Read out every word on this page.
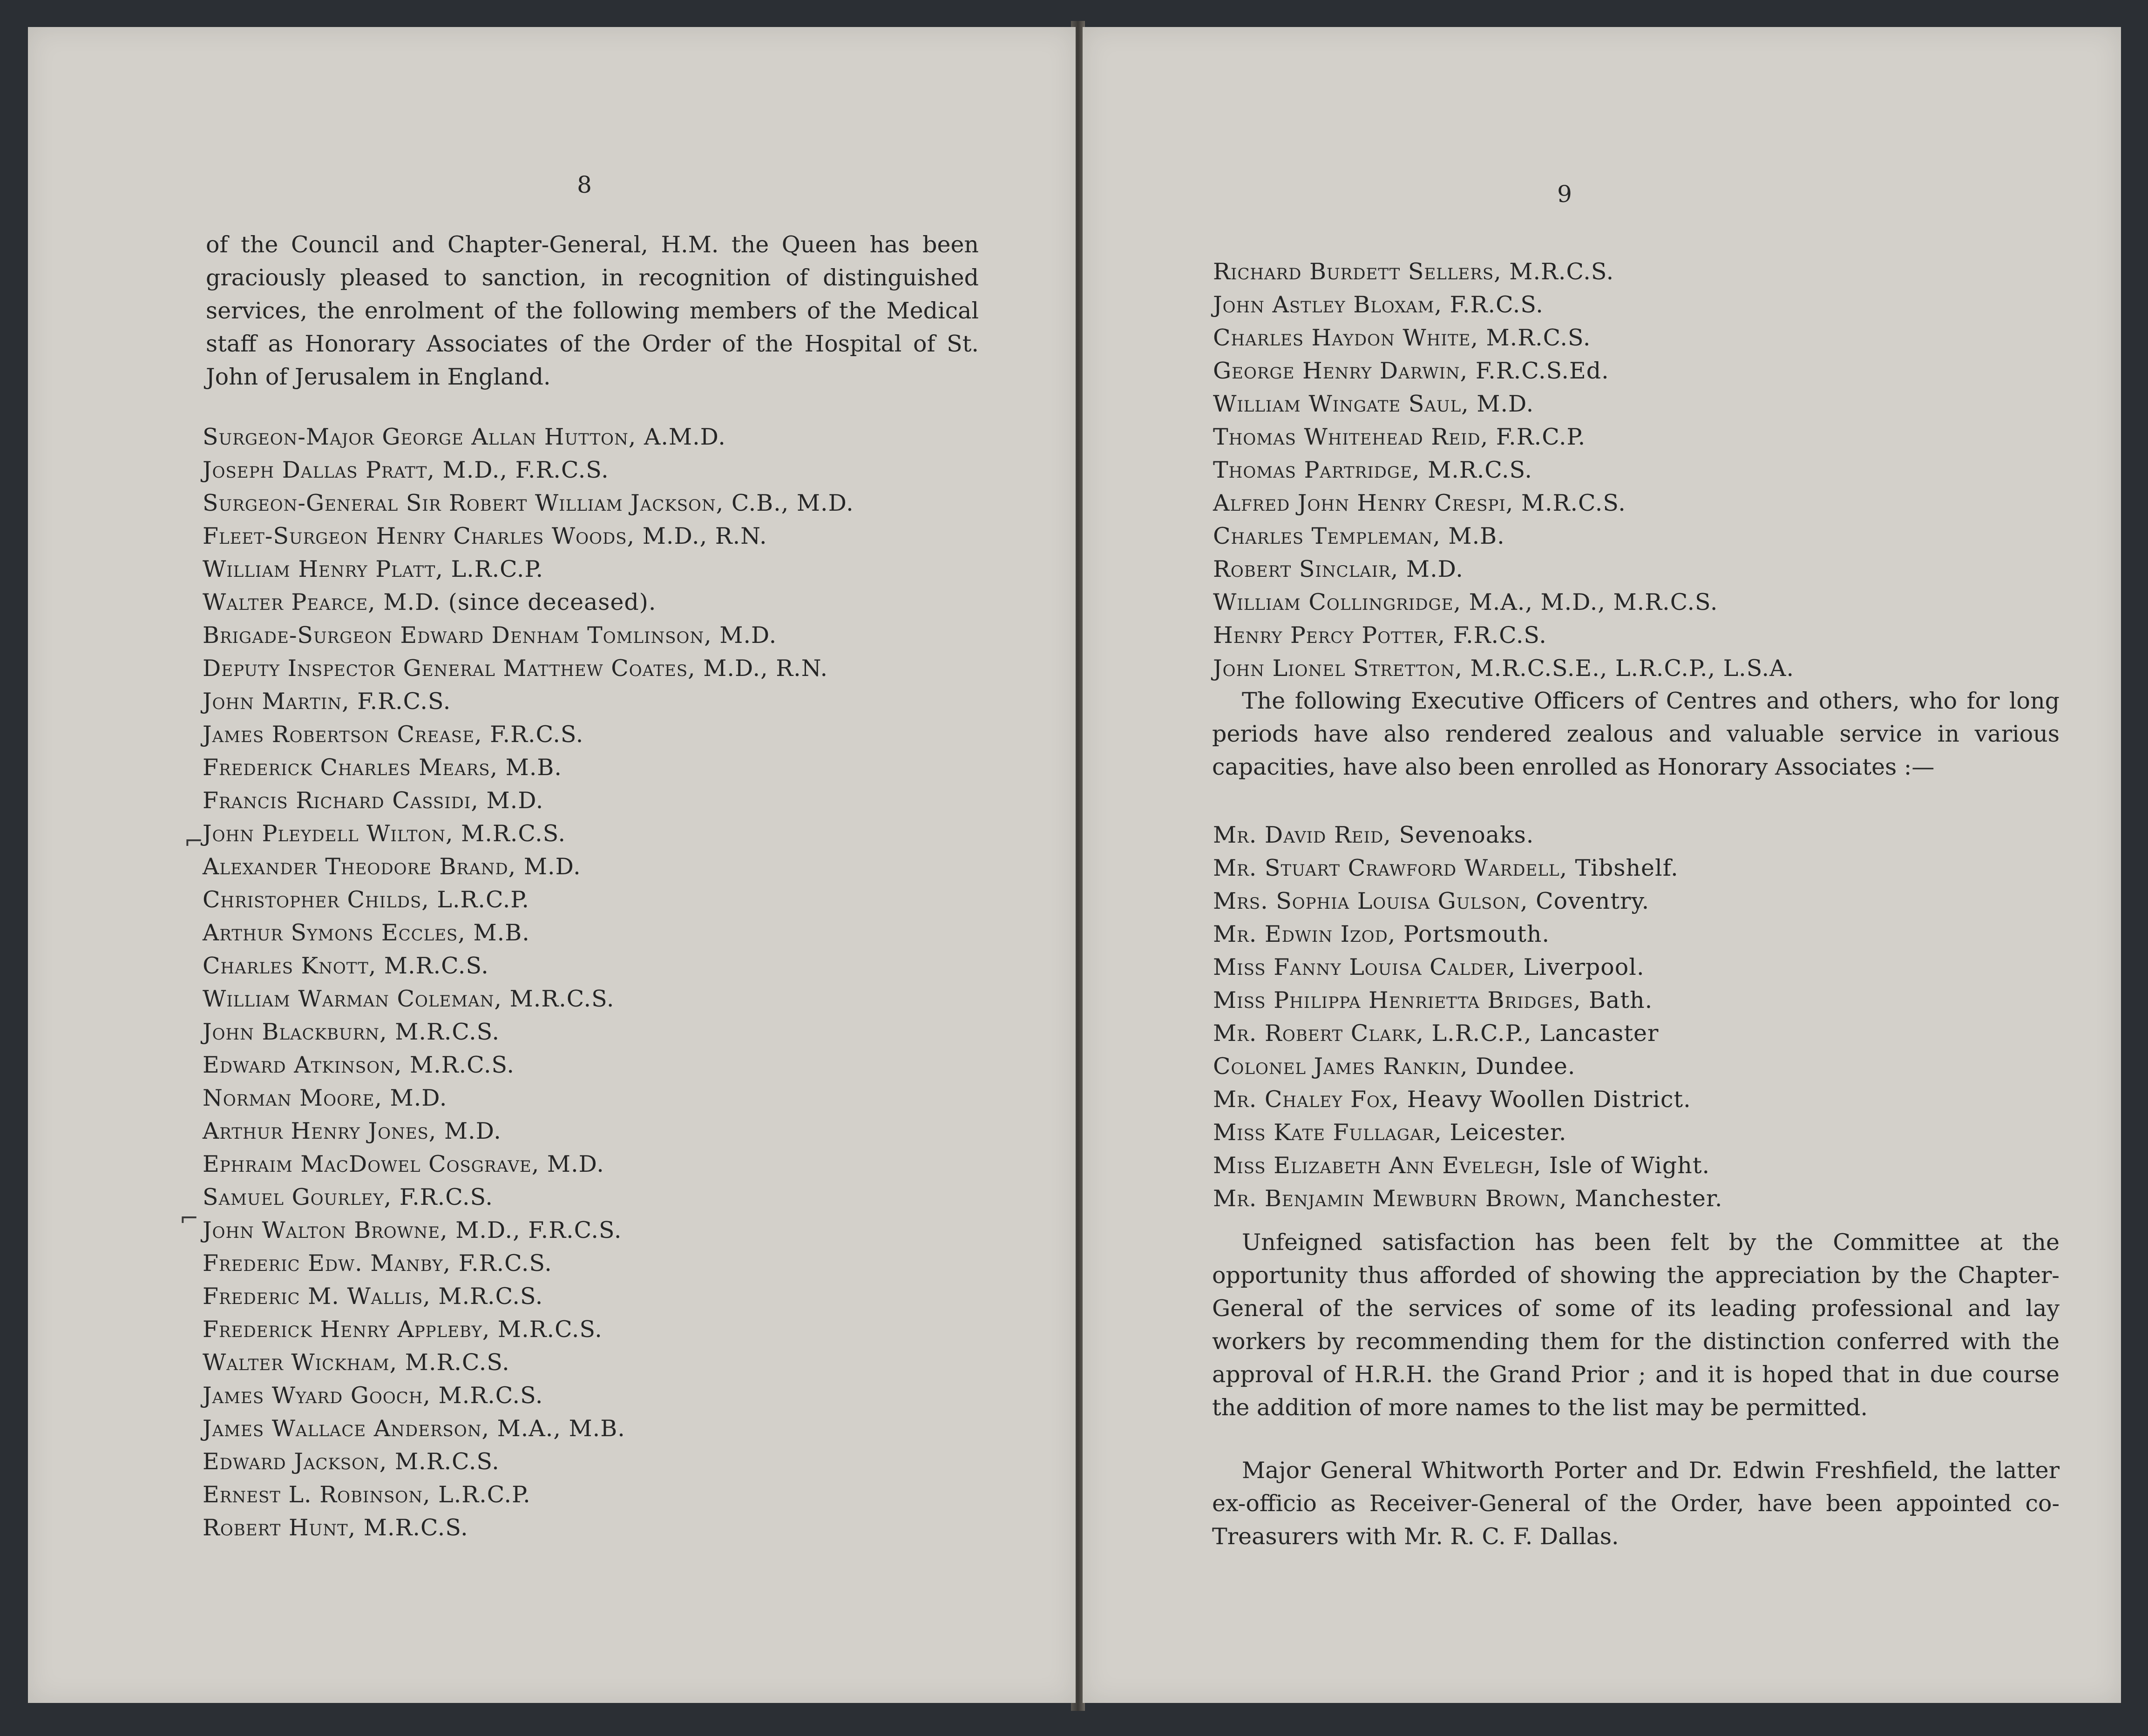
8

of the Council and Chapter-General, H.M. the Queen has been graciously pleased to sanction, in recognition of distinguished services, the enrolment of the following members of the Medical staff as Honorary Associates of the Order of the Hospital of St. John of Jerusalem in England.

Surgeon-Major George Allan Hutton, A.M.D.
Joseph Dallas Pratt, M.D., F.R.C.S.
Surgeon-General Sir Robert William Jackson, C.B., M.D.
Fleet-Surgeon Henry Charles Woods, M.D., R.N.
William Henry Platt, L.R.C.P.
Walter Pearce, M.D. (since deceased).
Brigade-Surgeon Edward Denham Tomlinson, M.D.
Deputy Inspector General Matthew Coates, M.D., R.N.
John Martin, F.R.C.S.
James Robertson Crease, F.R.C.S.
Frederick Charles Mears, M.B.
Francis Richard Cassidi, M.D.
John Pleydell Wilton, M.R.C.S.
Alexander Theodore Brand, M.D.
Christopher Childs, L.R.C.P.
Arthur Symons Eccles, M.B.
Charles Knott, M.R.C.S.
William Warman Coleman, M.R.C.S.
John Blackburn, M.R.C.S.
Edward Atkinson, M.R.C.S.
Norman Moore, M.D.
Arthur Henry Jones, M.D.
Ephraim MacDowel Cosgrave, M.D.
Samuel Gourley, F.R.C.S.
John Walton Browne, M.D., F.R.C.S.
Frederic Edw. Manby, F.R.C.S.
Frederic M. Wallis, M.R.C.S.
Frederick Henry Appleby, M.R.C.S.
Walter Wickham, M.R.C.S.
James Wyard Gooch, M.R.C.S.
James Wallace Anderson, M.A., M.B.
Edward Jackson, M.R.C.S.
Ernest L. Robinson, L.R.C.P.
Robert Hunt, M.R.C.S.
⌐
⌐
9
Richard Burdett Sellers, M.R.C.S.
John Astley Bloxam, F.R.C.S.
Charles Haydon White, M.R.C.S.
George Henry Darwin, F.R.C.S.Ed.
William Wingate Saul, M.D.
Thomas Whitehead Reid, F.R.C.P.
Thomas Partridge, M.R.C.S.
Alfred John Henry Crespi, M.R.C.S.
Charles Templeman, M.B.
Robert Sinclair, M.D.
William Collingridge, M.A., M.D., M.R.C.S.
Henry Percy Potter, F.R.C.S.
John Lionel Stretton, M.R.C.S.E., L.R.C.P., L.S.A.

The following Executive Officers of Centres and others, who for long periods have also rendered zealous and valuable service in various capacities, have also been enrolled as Honorary Associates :—

Mr. David Reid, Sevenoaks.
Mr. Stuart Crawford Wardell, Tibshelf.
Mrs. Sophia Louisa Gulson, Coventry.
Mr. Edwin Izod, Portsmouth.
Miss Fanny Louisa Calder, Liverpool.
Miss Philippa Henrietta Bridges, Bath.
Mr. Robert Clark, L.R.C.P., Lancaster
Colonel James Rankin, Dundee.
Mr. Chaley Fox, Heavy Woollen District.
Miss Kate Fullagar, Leicester.
Miss Elizabeth Ann Evelegh, Isle of Wight.
Mr. Benjamin Mewburn Brown, Manchester.

Unfeigned satisfaction has been felt by the Committee at the opportunity thus afforded of showing the appreciation by the Chapter-General of the services of some of its leading professional and lay workers by recommending them for the distinction conferred with the approval of H.R.H. the Grand Prior ; and it is hoped that in due course the addition of more names to the list may be permitted.

Major General Whitworth Porter and Dr. Edwin Freshfield, the latter ex-officio as Receiver-General of the Order, have been appointed co-Treasurers with Mr. R. C. F. Dallas.
